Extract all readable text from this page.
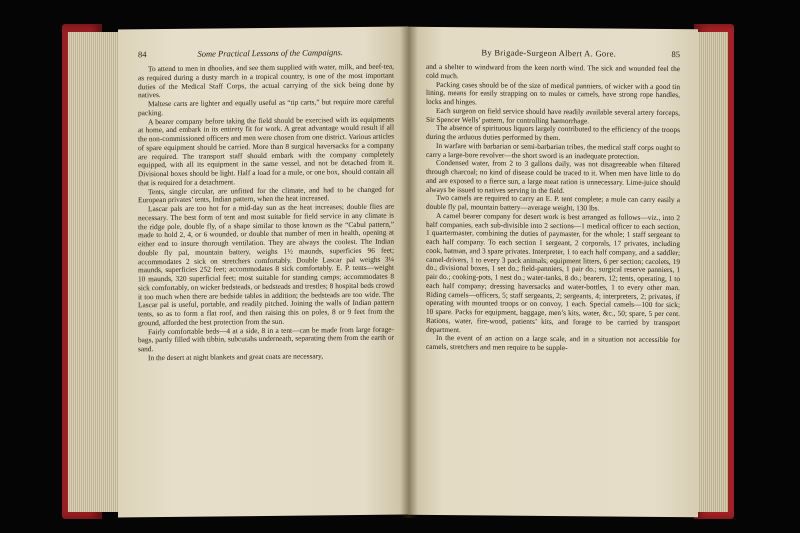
84	Some Practical Lessons of the Campaigns.

To attend to men in dhoolies, and see them supplied with water, milk, and beef-tea, as required during a dusty march in a tropical country, is one of the most important duties of the Medical Staff Corps, the actual carrying of the sick being done by natives.

Maltese carts are lighter and equally useful as “tip carts,” but require more careful packing.

A bearer company before taking the field should be exercised with its equipments at home, and embark in its entirety fit for work. A great advantage would result if all the non-commissioned officers and men were chosen from one district. Various articles of spare equipment should be carried. More than 8 surgical haversacks for a company are required. The transport staff should embark with the company completely equipped, with all its equipment in the same vessel, and not be detached from it. Divisional boxes should be light. Half a load for a mule, or one box, should contain all that is required for a detachment.

Tents, single circular, are unfitted for the climate, and had to be changed for European privates’ tents, Indian pattern, when the heat increased.

Lascar pals are too hot for a mid-day sun as the heat increases; double flies are necessary. The best form of tent and most suitable for field service in any climate is the ridge pole, double fly, of a shape similar to those known as the “Cabul pattern,” made to hold 2, 4, or 6 wounded, or double that number of men in health, opening at either end to insure thorough ventilation. They are always the coolest. The Indian double fly pal, mountain battery, weighs 1½ maunds, superficies 96 feet; accommodates 2 sick on stretchers comfortably. Double Lascar pal weighs 3¼ maunds, superficies 252 feet; accommodates 8 sick comfortably. E. P. tents—weight 10 maunds, 320 superficial feet; most suitable for standing camps; accommodates 8 sick comfortably, on wicker bedsteads, or bedsteads and trestles; 8 hospital beds crowd it too much when there are bedside tables in addition; the bedsteads are too wide. The Lascar pal is useful, portable, and readily pitched. Joining the walls of Indian pattern tents, so as to form a flat roof, and then raising this on poles, 8 or 9 feet from the ground, afforded the best protection from the sun.

Fairly comfortable beds—4 at a side, 8 in a tent—can be made from large forage-bags, partly filled with tibbin, subcutahs underneath, separating them from the earth or sand.

In the desert at night blankets and great coats are necessary,

By Brigade-Surgeon Albert A. Gore.	85

and a shelter to windward from the keen north wind. The sick and wounded feel the cold much.

Packing cases should be of the size of medical panniers, of wicker with a good tin lining, means for easily strapping on to mules or camels, have strong rope handles, locks and hinges.

Each surgeon on field service should have readily available several artery forceps, Sir Spencer Wells’ pattern, for controlling hæmorrhage.

The absence of spirituous liquors largely contributed to the efficiency of the troops during the arduous duties performed by them.

In warfare with barbarian or semi-barbarian tribes, the medical staff corps ought to carry a large-bore revolver—the short sword is an inadequate protection.

Condensed water, from 2 to 3 gallons daily, was not disagreeable when filtered through charcoal; no kind of disease could be traced to it. When men have little to do and are exposed to a fierce sun, a large meat ration is unnecessary. Lime-juice should always be issued to natives serving in the field.

Two camels are required to carry an E. P. tent complete; a mule can carry easily a double fly pal, mountain battery—average weight, 130 lbs.

A camel bearer company for desert work is best arranged as follows—viz., into 2 half companies, each sub-divisible into 2 sections—1 medical officer to each section, 1 quartermaster, combining the duties of paymaster, for the whole; 1 staff sergeant to each half company. To each section 1 sergeant, 2 corporals, 17 privates, including cook, batman, and 3 spare privates. Interpreter, 1 to each half company, and a saddler; camel-drivers, 1 to every 3 pack animals; equipment litters, 6 per section; cacolets, 19 do.; divisional boxes, 1 set do.; field-panniers, 1 pair do.; surgical reserve panniers, 1 pair do.; cooking-pots, 1 nest do.; water-tanks, 8 do.; bearers, 12; tents, operating, 1 to each half company; dressing haversacks and water-bottles, 1 to every other man. Riding camels—officers, 5; staff sergeants, 2; sergeants, 4; interpreters, 2; privates, if operating with mounted troops or on convoy, 1 each. Special camels—100 for sick; 10 spare. Packs for equipment, baggage, men’s kits, water, &c., 50; spare, 5 per cent. Rations, water, fire-wood, patients’ kits, and forage to be carried by transport department.

In the event of an action on a large scale, and in a situation not accessible for camels, stretchers and men require to be supple-
